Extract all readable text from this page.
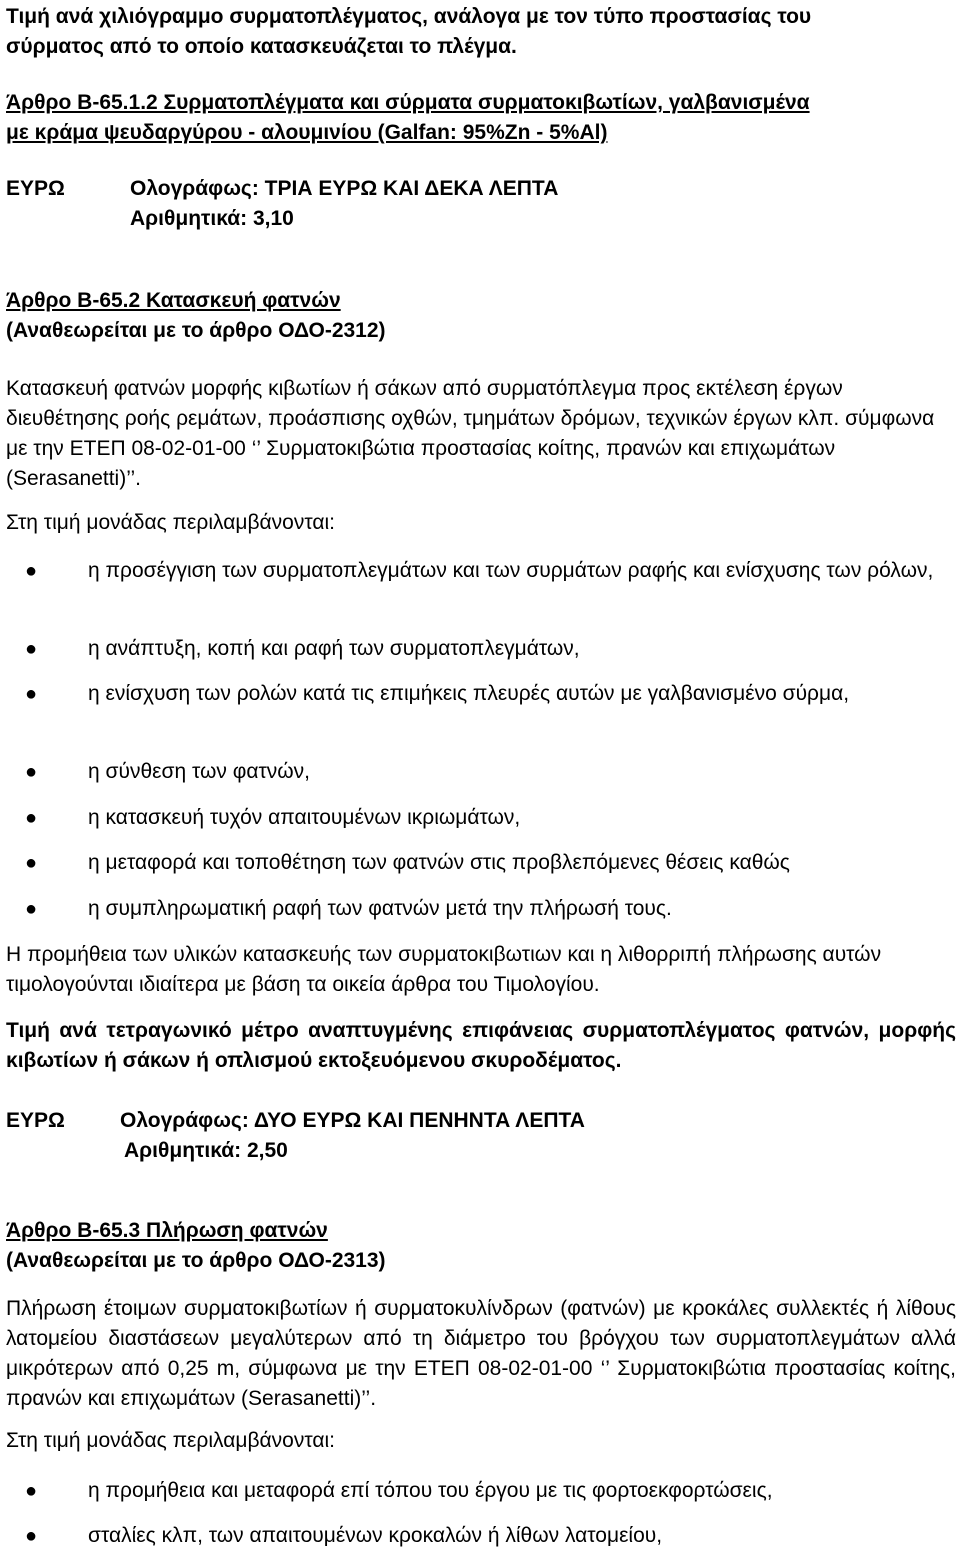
Τιμή ανά χιλιόγραμμο συρματοπλέγματος, ανάλογα με τον τύπο προστασίας του
σύρματος από το οποίο κατασκευάζεται το πλέγμα.
Άρθρο Β-65.1.2 Συρματοπλέγματα και σύρματα συρματοκιβωτίων, γαλβανισμένα
με κράμα ψευδαργύρου - αλουμινίου (Galfan: 95%Zn - 5%Al)
ΕΥΡΩ	Ολογράφως: ΤΡΙΑ ΕΥΡΩ ΚΑΙ ΔΕΚΑ ΛΕΠΤΑ
Αριθμητικά: 3,10
Άρθρο Β-65.2 Κατασκευή φατνών
(Αναθεωρείται με το άρθρο ΟΔΟ-2312)
Κατασκευή φατνών μορφής κιβωτίων ή σάκων από συρματόπλεγμα προς εκτέλεση έργων διευθέτησης ροής ρεμάτων, προάσπισης οχθών, τμημάτων δρόμων, τεχνικών έργων κλπ. σύμφωνα με την ΕΤΕΠ 08-02-01-00 ‘’ Συρματοκιβώτια προστασίας κοίτης, πρανών και επιχωμάτων (Serasanetti)’’.
Στη τιμή μονάδας περιλαμβάνονται:
●	η προσέγγιση των συρματοπλεγμάτων και των συρμάτων ραφής και ενίσχυσης των ρόλων,
●	η ανάπτυξη, κοπή και ραφή των συρματοπλεγμάτων,
●	η ενίσχυση των ρολών κατά τις επιμήκεις πλευρές αυτών με γαλβανισμένο σύρμα,
●	η σύνθεση των φατνών,
●	η κατασκευή τυχόν απαιτουμένων ικριωμάτων,
●	η μεταφορά και τοποθέτηση των φατνών στις προβλεπόμενες θέσεις καθώς
●	η συμπληρωματική ραφή των φατνών μετά την πλήρωσή τους.
Η προμήθεια των υλικών κατασκευής των συρματοκιβωτιων και η λιθορριπή πλήρωσης αυτών τιμολογούνται ιδιαίτερα με βάση τα οικεία άρθρα του Τιμολογίου.
Τιμή ανά τετραγωνικό μέτρο αναπτυγμένης επιφάνειας συρματοπλέγματος φατνών, μορφής κιβωτίων ή σάκων ή οπλισμού εκτοξευόμενου σκυροδέματος.
ΕΥΡΩ	Ολογράφως: ΔΥΟ ΕΥΡΩ ΚΑΙ ΠΕΝΗΝΤΑ ΛΕΠΤΑ
Αριθμητικά: 2,50
Άρθρο Β-65.3 Πλήρωση φατνών
(Αναθεωρείται με το άρθρο ΟΔΟ-2313)
Πλήρωση έτοιμων συρματοκιβωτίων ή συρματοκυλίνδρων (φατνών) με κροκάλες συλλεκτές ή λίθους λατομείου διαστάσεων μεγαλύτερων από τη διάμετρο του βρόγχου των συρματοπλεγμάτων αλλά μικρότερων από 0,25 m, σύμφωνα με την ΕΤΕΠ 08-02-01-00 ‘’ Συρματοκιβώτια προστασίας κοίτης, πρανών και επιχωμάτων (Serasanetti)’’.
Στη τιμή μονάδας περιλαμβάνονται:
●	η προμήθεια και μεταφορά επί τόπου του έργου με τις φορτοεκφορτώσεις,
●	σταλίες κλπ, των απαιτουμένων κροκαλών ή λίθων λατομείου,
